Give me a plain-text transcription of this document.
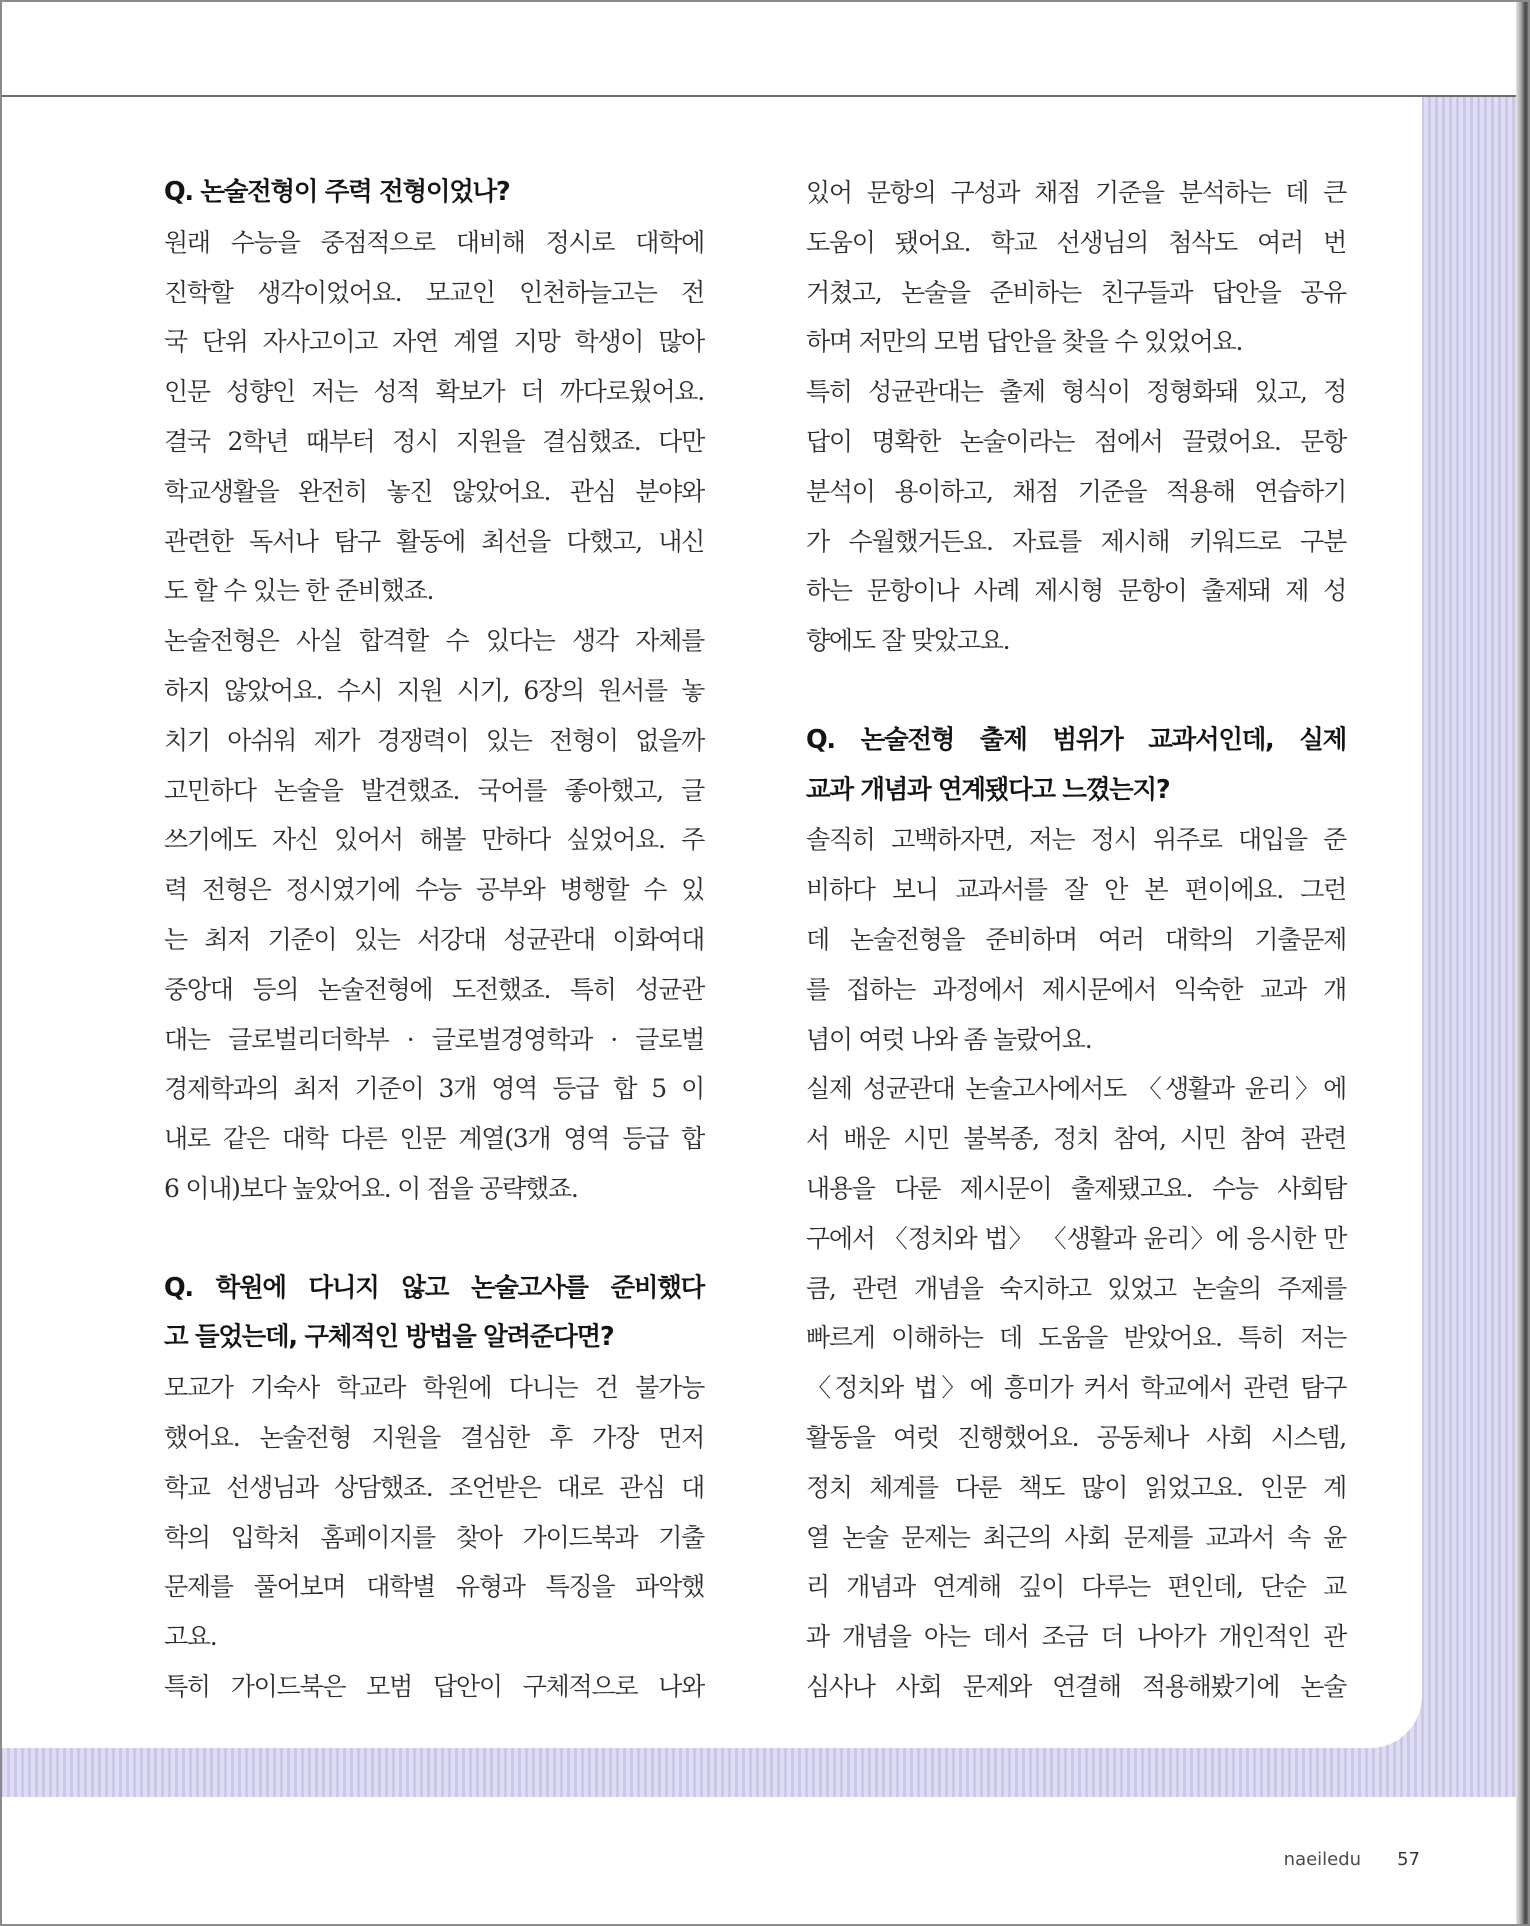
Q. 논술전형이 주력 전형이었나?
원래 수능을 중점적으로 대비해 정시로 대학에
진학할 생각이었어요. 모교인 인천하늘고는 전
국 단위 자사고이고 자연 계열 지망 학생이 많아
인문 성향인 저는 성적 확보가 더 까다로웠어요.
결국 2학년 때부터 정시 지원을 결심했죠. 다만
학교생활을 완전히 놓진 않았어요. 관심 분야와
관련한 독서나 탐구 활동에 최선을 다했고, 내신
도 할 수 있는 한 준비했죠.
논술전형은 사실 합격할 수 있다는 생각 자체를
하지 않았어요. 수시 지원 시기, 6장의 원서를 놓
치기 아쉬워 제가 경쟁력이 있는 전형이 없을까
고민하다 논술을 발견했죠. 국어를 좋아했고, 글
쓰기에도 자신 있어서 해볼 만하다 싶었어요. 주
력 전형은 정시였기에 수능 공부와 병행할 수 있
는 최저 기준이 있는 서강대 성균관대 이화여대
중앙대 등의 논술전형에 도전했죠. 특히 성균관
대는 글로벌리더학부 · 글로벌경영학과 · 글로벌
경제학과의 최저 기준이 3개 영역 등급 합 5 이
내로 같은 대학 다른 인문 계열(3개 영역 등급 합
6 이내)보다 높았어요. 이 점을 공략했죠.
Q. 학원에 다니지 않고 논술고사를 준비했다
고 들었는데, 구체적인 방법을 알려준다면?
모교가 기숙사 학교라 학원에 다니는 건 불가능
했어요. 논술전형 지원을 결심한 후 가장 먼저
학교 선생님과 상담했죠. 조언받은 대로 관심 대
학의 입학처 홈페이지를 찾아 가이드북과 기출
문제를 풀어보며 대학별 유형과 특징을 파악했
고요.
특히 가이드북은 모범 답안이 구체적으로 나와
있어 문항의 구성과 채점 기준을 분석하는 데 큰
도움이 됐어요. 학교 선생님의 첨삭도 여러 번
거쳤고, 논술을 준비하는 친구들과 답안을 공유
하며 저만의 모범 답안을 찾을 수 있었어요.
특히 성균관대는 출제 형식이 정형화돼 있고, 정
답이 명확한 논술이라는 점에서 끌렸어요. 문항
분석이 용이하고, 채점 기준을 적용해 연습하기
가 수월했거든요. 자료를 제시해 키워드로 구분
하는 문항이나 사례 제시형 문항이 출제돼 제 성
향에도 잘 맞았고요.
Q. 논술전형 출제 범위가 교과서인데, 실제
교과 개념과 연계됐다고 느꼈는지?
솔직히 고백하자면, 저는 정시 위주로 대입을 준
비하다 보니 교과서를 잘 안 본 편이에요. 그런
데 논술전형을 준비하며 여러 대학의 기출문제
를 접하는 과정에서 제시문에서 익숙한 교과 개
념이 여럿 나와 좀 놀랐어요.
실제 성균관대 논술고사에서도 〈생활과 윤리〉에
서 배운 시민 불복종, 정치 참여, 시민 참여 관련
내용을 다룬 제시문이 출제됐고요. 수능 사회탐
구에서 〈정치와 법〉 〈생활과 윤리〉에 응시한 만
큼, 관련 개념을 숙지하고 있었고 논술의 주제를
빠르게 이해하는 데 도움을 받았어요. 특히 저는
〈정치와 법〉에 흥미가 커서 학교에서 관련 탐구
활동을 여럿 진행했어요. 공동체나 사회 시스템,
정치 체계를 다룬 책도 많이 읽었고요. 인문 계
열 논술 문제는 최근의 사회 문제를 교과서 속 윤
리 개념과 연계해 깊이 다루는 편인데, 단순 교
과 개념을 아는 데서 조금 더 나아가 개인적인 관
심사나 사회 문제와 연결해 적용해봤기에 논술
naeiledu 57
